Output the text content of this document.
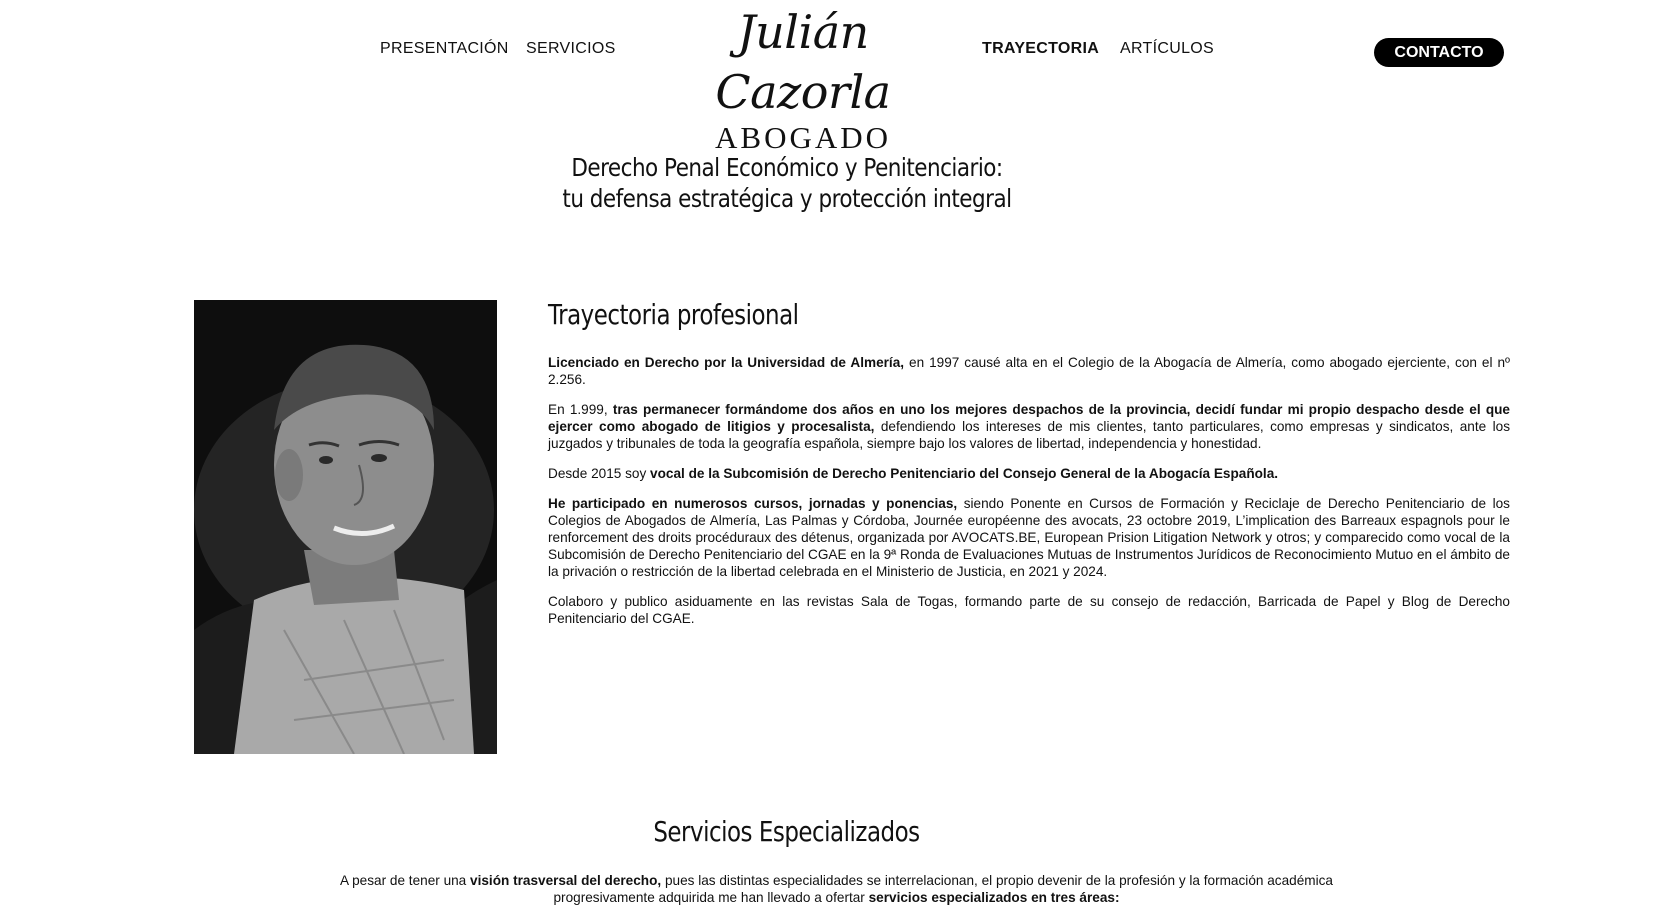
PRESENTACIÓN SERVICIOS	Julián Cazorla
ABOGADO
TRAYECTORIA ARTÍCULOS	CONTACTO
Derecho Penal Económico y Penitenciario:
tu defensa estratégica y protección integral
Trayectoria profesional

Licenciado en Derecho por la Universidad de Almería, en 1997 causé alta en el Colegio de la Abogacía de Almería, como abogado ejerciente, con el nº 2.256.

En 1.999, tras permanecer formándome dos años en uno los mejores despachos de la provincia, decidí fundar mi propio despacho desde el que ejercer como abogado de litigios y procesalista, defendiendo los intereses de mis clientes, tanto particulares, como empresas y sindicatos, ante los juzgados y tribunales de toda la geografía española, siempre bajo los valores de libertad, independencia y honestidad.

Desde 2015 soy vocal de la Subcomisión de Derecho Penitenciario del Consejo General de la Abogacía Española.

He participado en numerosos cursos, jornadas y ponencias, siendo Ponente en Cursos de Formación y Reciclaje de Derecho Penitenciario de los Colegios de Abogados de Almería, Las Palmas y Córdoba, Journée européenne des avocats, 23 octobre 2019, L’implication des Barreaux espagnols pour le renforcement des droits procéduraux des détenus, organizada por AVOCATS.BE, European Prision Litigation Network y otros; y comparecido como vocal de la Subcomisión de Derecho Penitenciario del CGAE en la 9ª Ronda de Evaluaciones Mutuas de Instrumentos Jurídicos de Reconocimiento Mutuo en el ámbito de la privación o restricción de la libertad celebrada en el Ministerio de Justicia, en 2021 y 2024.

Colaboro y publico asiduamente en las revistas Sala de Togas, formando parte de su consejo de redacción, Barricada de Papel y Blog de Derecho Penitenciario del CGAE.

Servicios Especializados

A pesar de tener una visión trasversal del derecho, pues las distintas especialidades se interrelacionan, el propio devenir de la profesión y la formación académica progresivamente adquirida me han llevado a ofertar servicios especializados en tres áreas:
